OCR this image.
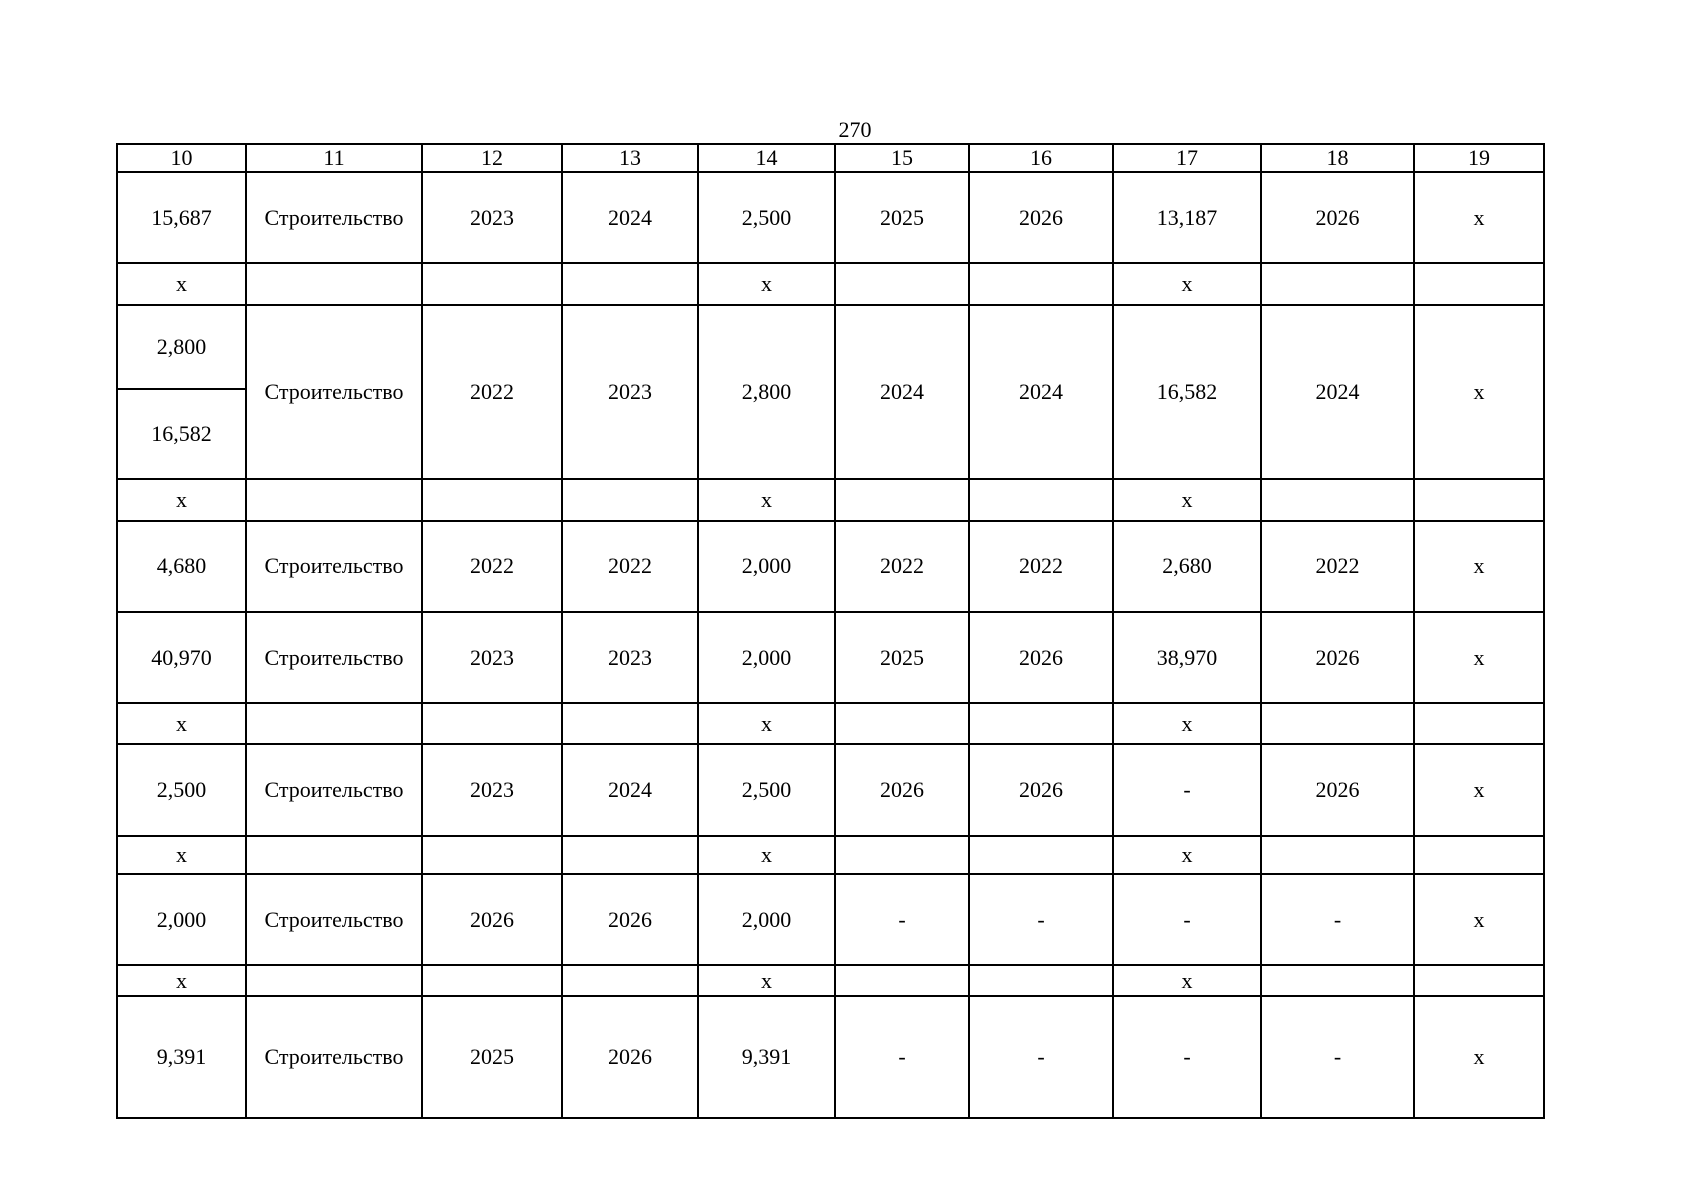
270
10	11	12	13	14	15	16	17	18	19
15,687	Строительство	2023	2024	2,500	2025	2026	13,187	2026	х
х				х			х		
2,800	Строительство	2022	2023	2,800	2024	2024	16,582	2024	х
16,582									
х				х			х		
4,680	Строительство	2022	2022	2,000	2022	2022	2,680	2022	х
40,970	Строительство	2023	2023	2,000	2025	2026	38,970	2026	х
х				х			х		
2,500	Строительство	2023	2024	2,500	2026	2026	-	2026	х
х				х			х		
2,000	Строительство	2026	2026	2,000	-	-	-	-	х
х				х			х		
9,391	Строительство	2025	2026	9,391	-	-	-	-	х
